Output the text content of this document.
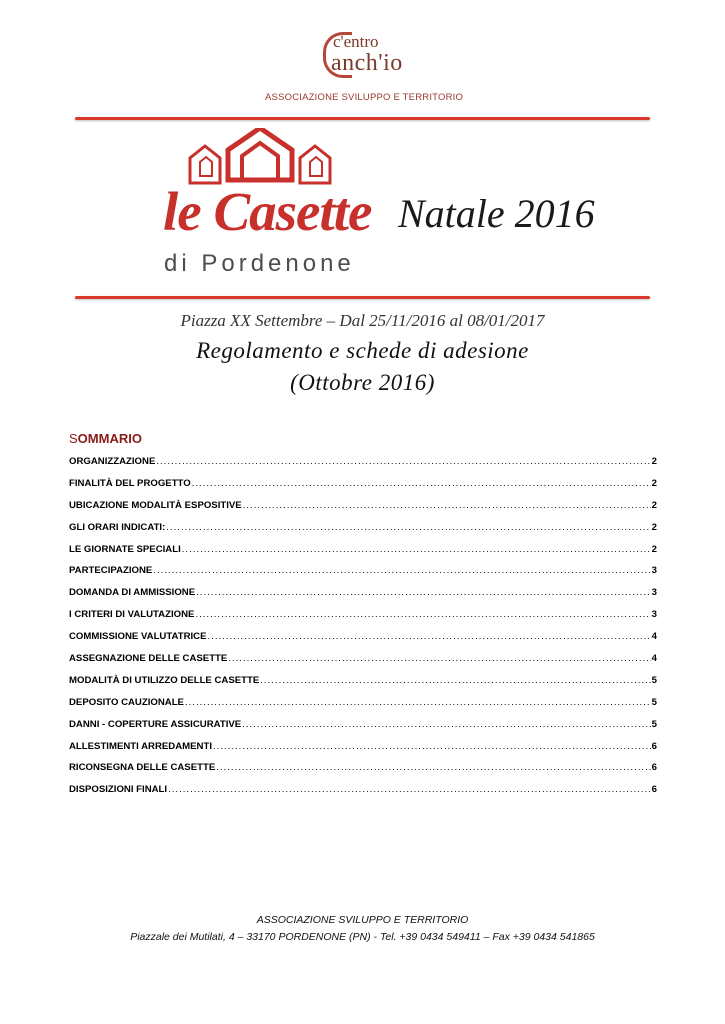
c'entro
anch'io
ASSOCIAZIONE SVILUPPO E TERRITORIO
le Casette
di Pordenone
Natale 2016
Piazza XX Settembre – Dal 25/11/2016 al 08/01/2017
Regolamento e schede di adesione
(Ottobre 2016)
SOMMARIO
ORGANIZZAZIONE .....	2
FINALITÀ DEL PROGETTO .....	2
UBICAZIONE MODALITÀ ESPOSITIVE .....	2
GLI ORARI INDICATI: .....	2
LE GIORNATE SPECIALI .....	2
PARTECIPAZIONE .....	3
DOMANDA DI AMMISSIONE .....	3
I CRITERI DI VALUTAZIONE .....	3
COMMISSIONE VALUTATRICE .....	4
ASSEGNAZIONE DELLE CASETTE .....	4
MODALITÀ DI UTILIZZO DELLE CASETTE .....	5
DEPOSITO CAUZIONALE .....	5
DANNI - COPERTURE ASSICURATIVE .....	5
ALLESTIMENTI ARREDAMENTI .....	6
RICONSEGNA DELLE CASETTE .....	6
DISPOSIZIONI FINALI .....	6
ASSOCIAZIONE SVILUPPO E TERRITORIO
Piazzale dei Mutilati, 4 – 33170 PORDENONE (PN) - Tel. +39 0434 549411 – Fax +39 0434 541865
